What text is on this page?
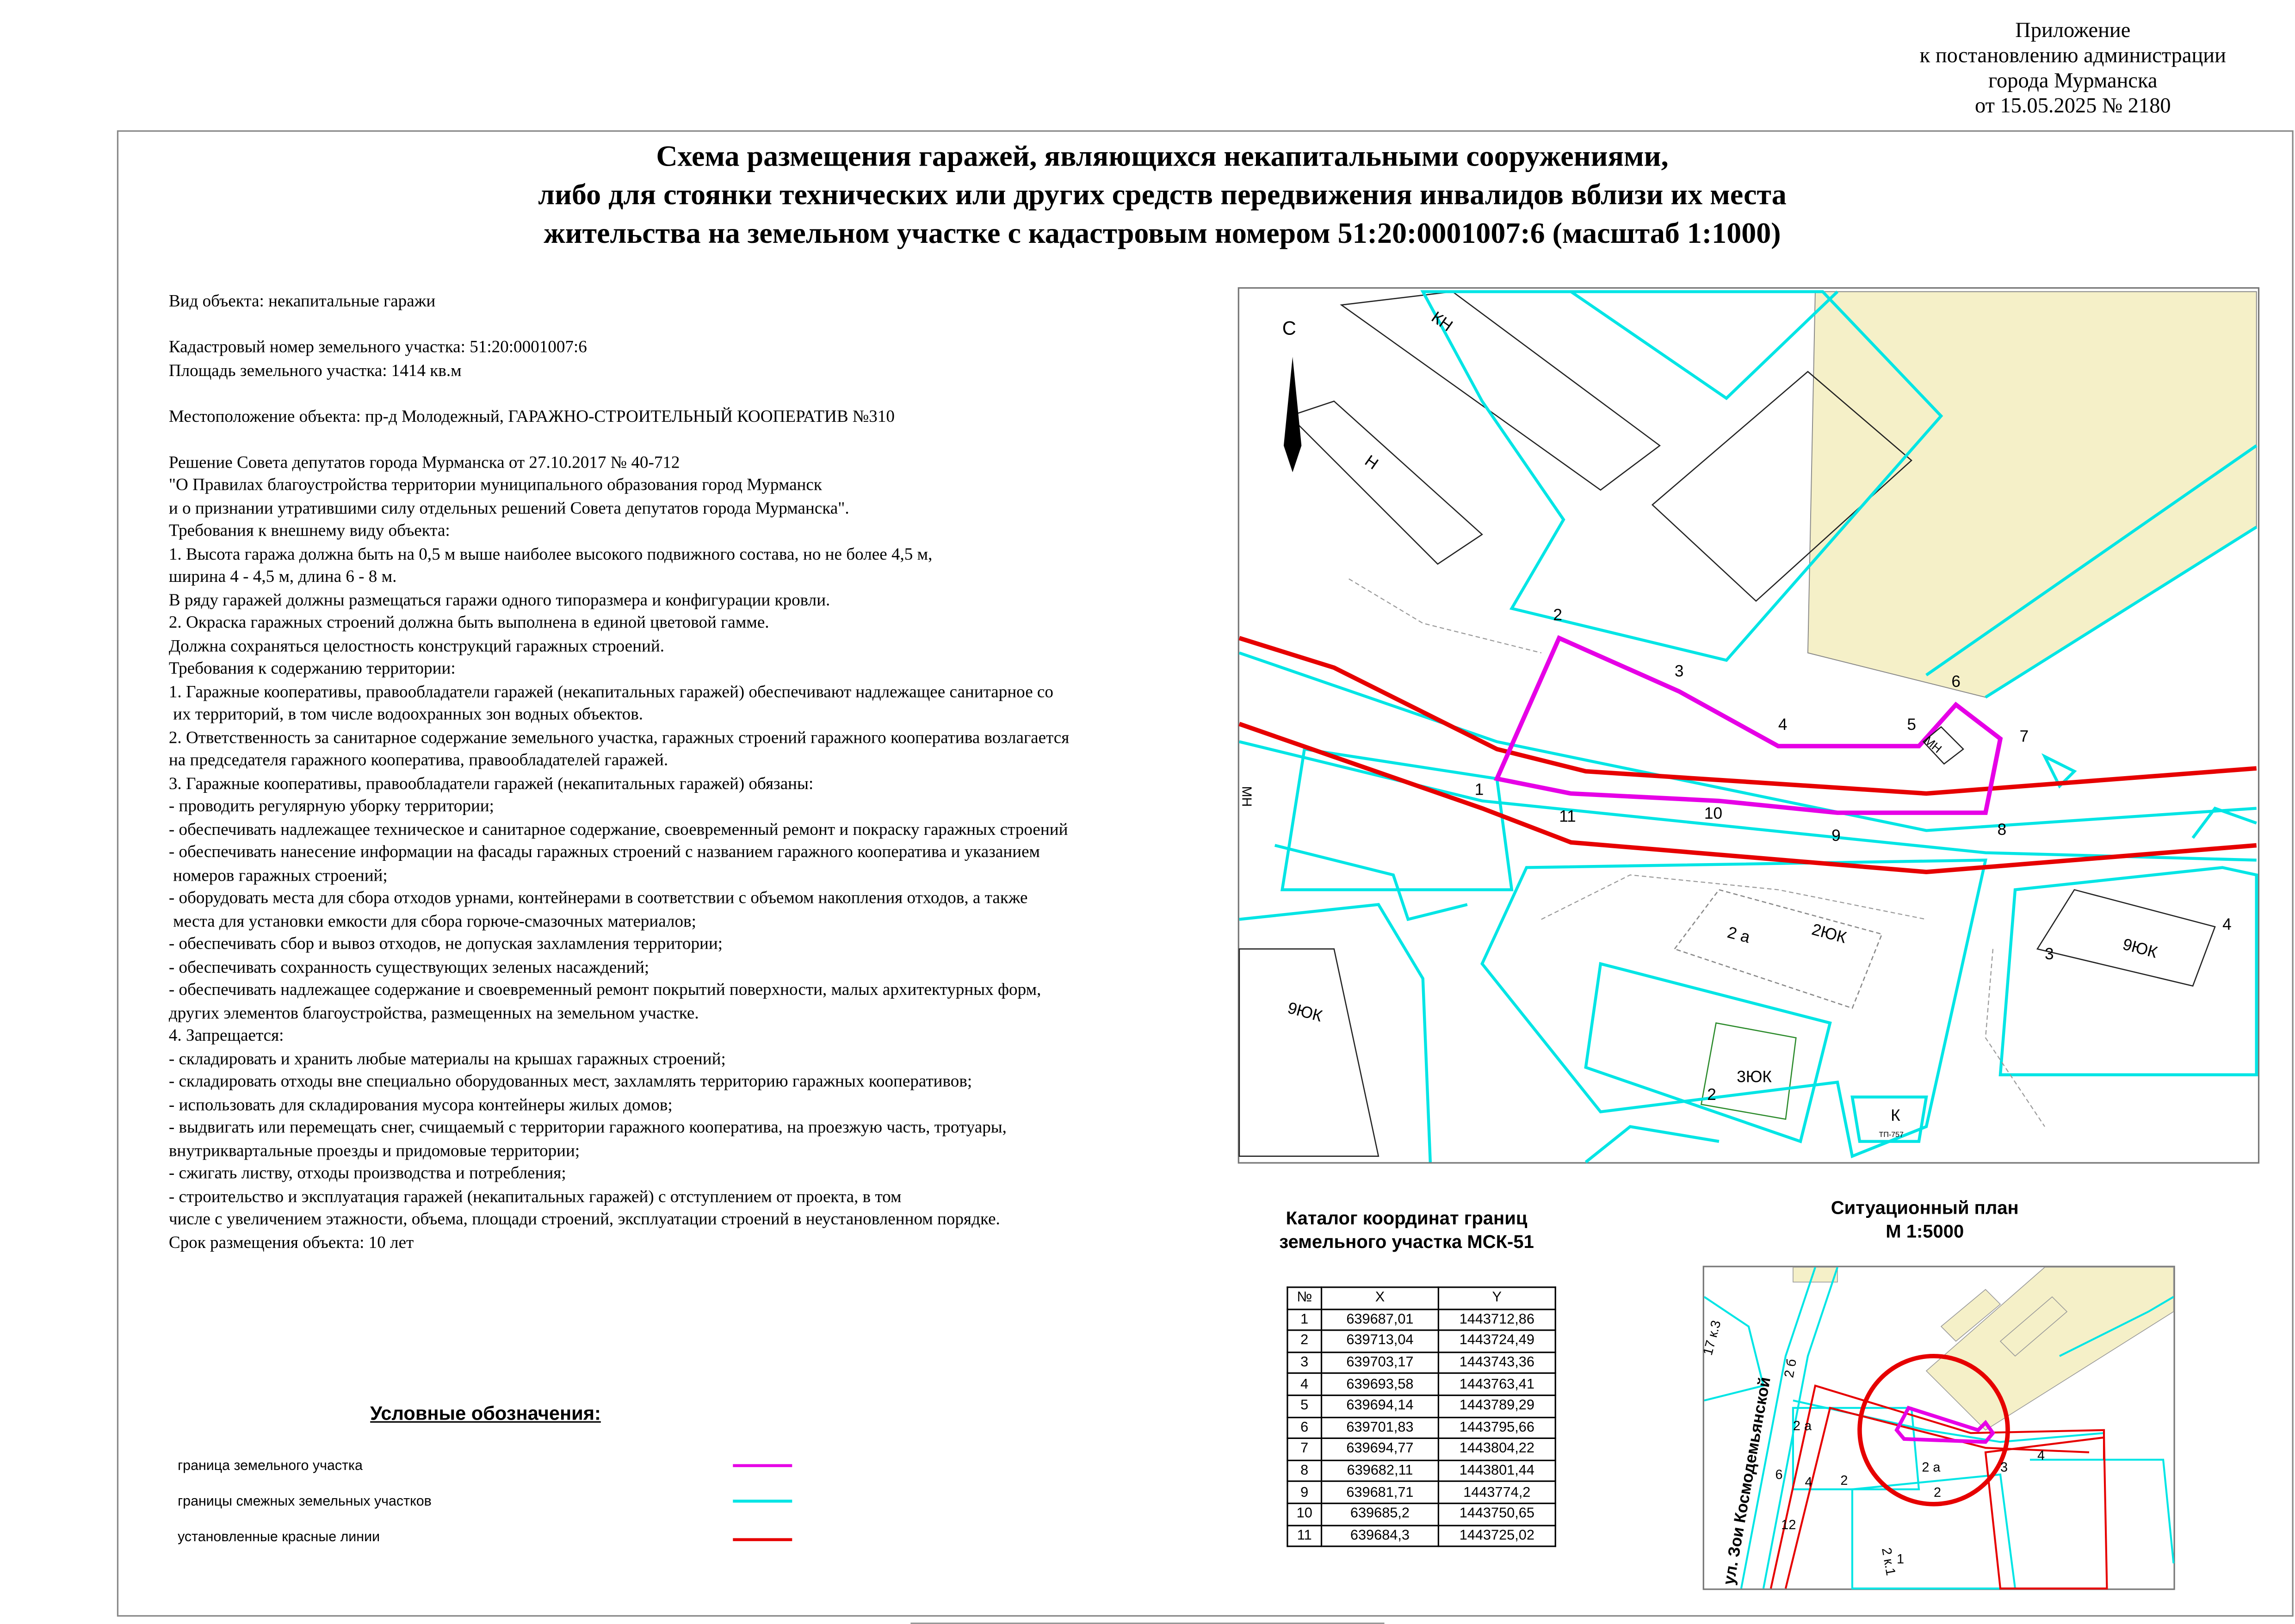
Приложение
к постановлению администрации
города Мурманска
от 15.05.2025 № 2180
Схема размещения гаражей, являющихся некапитальными сооружениями,
либо для стоянки технических или других средств передвижения инвалидов вблизи их места
жительства на земельном участке с кадастровым номером 51:20:0001007:6 (масштаб 1:1000)
Вид объекта: некапитальные гаражи
Кадастровый номер земельного участка: 51:20:0001007:6
Площадь земельного участка: 1414 кв.м
Местоположение объекта: пр-д Молодежный, ГАРАЖНО-СТРОИТЕЛЬНЫЙ КООПЕРАТИВ №310
Решение Совета депутатов города Мурманска от 27.10.2017 № 40-712
"О Правилах благоустройства территории муниципального образования город Мурманск
и о признании утратившими силу отдельных решений Совета депутатов города Мурманска".
Требования к внешнему виду объекта:
1. Высота гаража должна быть на 0,5 м выше наиболее высокого подвижного состава, но не более 4,5 м,
ширина 4 - 4,5 м, длина 6 - 8 м.
В ряду гаражей должны размещаться гаражи одного типоразмера и конфигурации кровли.
2. Окраска гаражных строений должна быть выполнена в единой цветовой гамме.
Должна сохраняться целостность конструкций гаражных строений.
Требования к содержанию территории:
1. Гаражные кооперативы, правообладатели гаражей (некапитальных гаражей) обеспечивают надлежащее санитарное со
их территорий, в том числе водоохранных зон водных объектов.
2. Ответственность за санитарное содержание земельного участка, гаражных строений гаражного кооператива возлагается
на председателя гаражного кооператива, правообладателей гаражей.
3. Гаражные кооперативы, правообладатели гаражей (некапитальных гаражей) обязаны:
- проводить регулярную уборку территории;
- обеспечивать надлежащее техническое и санитарное содержание, своевременный ремонт и покраску гаражных строений
- обеспечивать нанесение информации на фасады гаражных строений с названием гаражного кооператива и указанием
номеров гаражных строений;
- оборудовать места для сбора отходов урнами, контейнерами в соответствии с объемом накопления отходов, а также
места для установки емкости для сбора горюче-смазочных материалов;
- обеспечивать сбор и вывоз отходов, не допуская захламления территории;
- обеспечивать сохранность существующих зеленых насаждений;
- обеспечивать надлежащее содержание и своевременный ремонт покрытий поверхности, малых архитектурных форм,
других элементов благоустройства, размещенных на земельном участке.
4. Запрещается:
- складировать и хранить любые материалы на крышах гаражных строений;
- складировать отходы вне специально оборудованных мест, захламлять территорию гаражных кооперативов;
- использовать для складирования мусора контейнеры жилых домов;
- выдвигать или перемещать снег, счищаемый с территории гаражного кооператива, на проезжую часть, тротуары,
внутриквартальные проезды и придомовые территории;
- сжигать листву, отходы производства и потребления;
- строительство и эксплуатация гаражей (некапитальных гаражей) с отступлением от проекта, в том
числе с увеличением этажности, объема, площади строений, эксплуатации строений в неустановленном порядке.
Срок размещения объекта: 10 лет
Условные обозначения:
граница земельного участка
границы смежных земельных участков
установленные красные линии
С	КН
Н
МН
МН
2 а	2ЮК
9ЮК
3
4
9ЮК
3ЮК
2
К
ТП-757
1
2
3
4	5
6
7
8
9
10
11
Каталог координат границ
земельного участка МСК-51
№	X	Y
1	639687,01	1443712,86
2	639713,04	1443724,49
3	639703,17	1443743,36
4	639693,58	1443763,41
5	639694,14	1443789,29
6	639701,83	1443795,66
7	639694,77	1443804,22
8	639682,11	1443801,44
9	639681,71	1443774,2
10	639685,2	1443750,65
11	639684,3	1443725,02
Ситуационный план
М 1:5000
ул. Зои Космодемьянской	2 а
2 а
6
4	2
3
4
2
2 к.1
1
12
2 б
17 к.3
